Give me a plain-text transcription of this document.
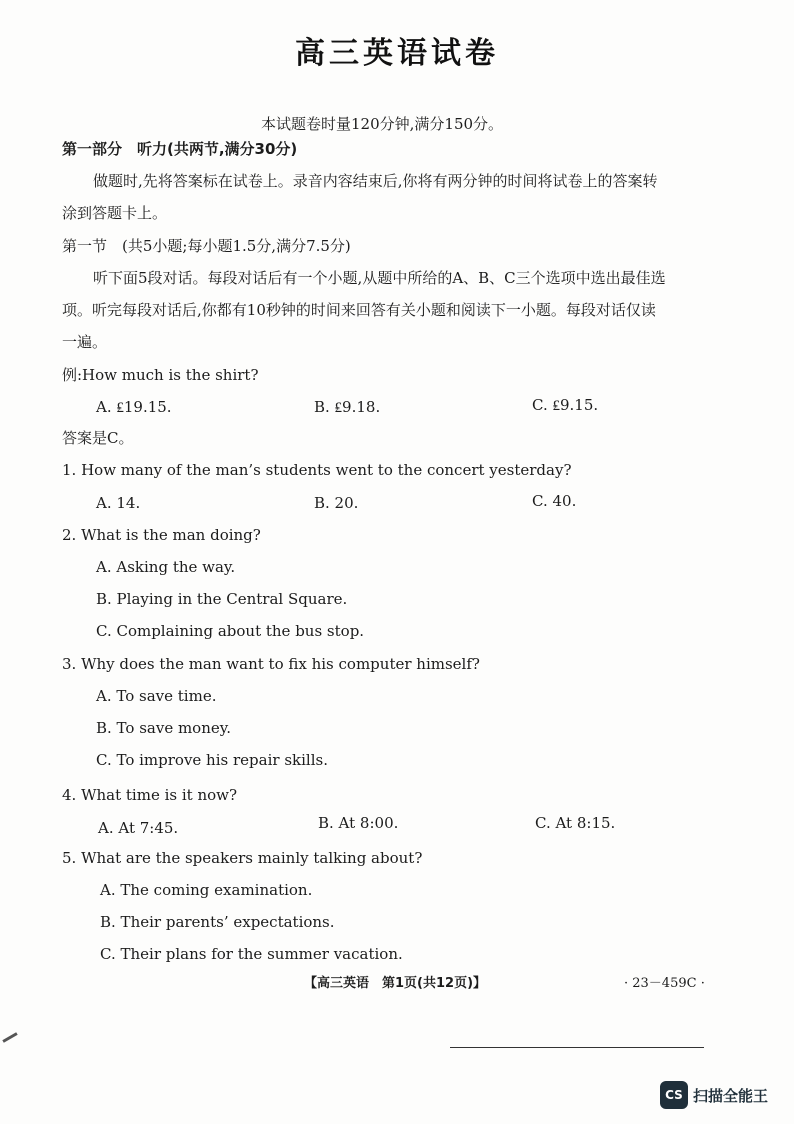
高三英语试卷
本试题卷时量120分钟,满分150分。
第一部分　听力(共两节,满分30分)
做题时,先将答案标在试卷上。录音内容结束后,你将有两分钟的时间将试卷上的答案转
涂到答题卡上。
第一节　(共5小题;每小题1.5分,满分7.5分)
听下面5段对话。每段对话后有一个小题,从题中所给的A、B、C三个选项中选出最佳选
项。听完每段对话后,你都有10秒钟的时间来回答有关小题和阅读下一小题。每段对话仅读
一遍。
例:How much is the shirt?
A. ₤19.15.	B. ₤9.18.	C. ₤9.15.
答案是C。
1. How many of the man’s students went to the concert yesterday?
A. 14.	B. 20.	C. 40.
2. What is the man doing?
A. Asking the way.
B. Playing in the Central Square.
C. Complaining about the bus stop.
3. Why does the man want to fix his computer himself?
A. To save time.
B. To save money.
C. To improve his repair skills.
4. What time is it now?
A. At 7:45.	B. At 8:00.	C. At 8:15.
5. What are the speakers mainly talking about?
A. The coming examination.
B. Their parents’ expectations.
C. Their plans for the summer vacation.
【高三英语　第1页(共12页)】	· 23－459C ·
CS 扫描全能王
